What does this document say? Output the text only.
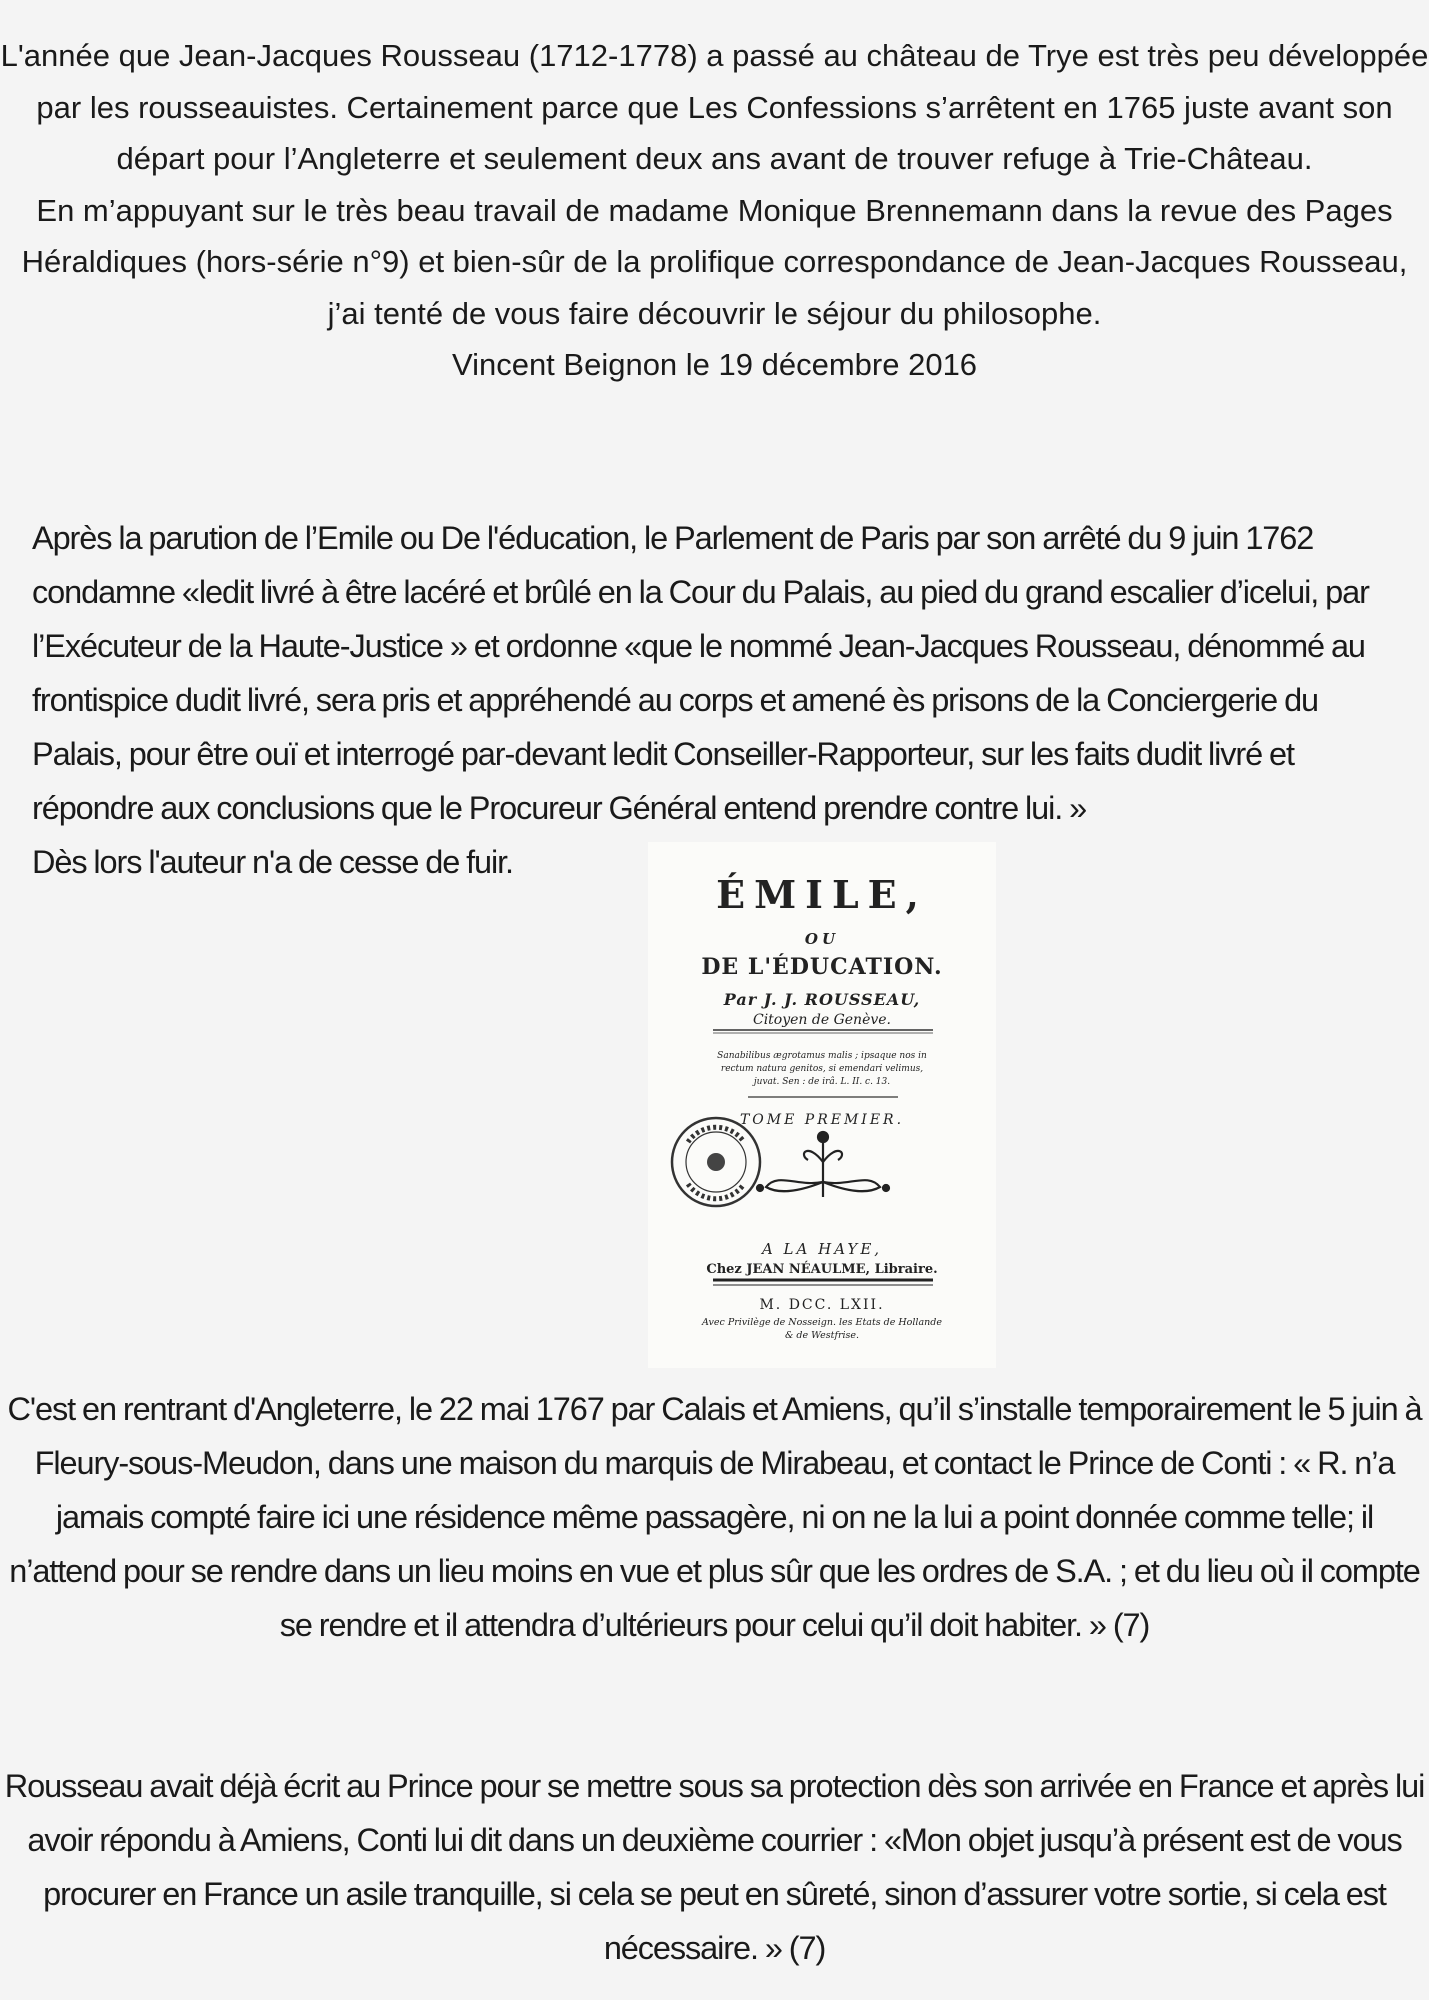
L'année que Jean-Jacques Rousseau (1712-1778) a passé au château de Trye est très peu développée par les rousseauistes. Certainement parce que Les Confessions s’arrêtent en 1765 juste avant son départ pour l’Angleterre et seulement deux ans avant de trouver refuge à Trie-Château.

En m’appuyant sur le très beau travail de madame Monique Brennemann dans la revue des Pages Héraldiques (hors-série n°9) et bien-sûr de la prolifique correspondance de Jean-Jacques Rousseau, j’ai tenté de vous faire découvrir le séjour du philosophe.

Vincent Beignon le 19 décembre 2016

Après la parution de l’Emile ou De l'éducation, le Parlement de Paris par son arrêté du 9 juin 1762 condamne «ledit livré à être lacéré et brûlé en la Cour du Palais, au pied du grand escalier d’icelui, par l’Exécuteur de la Haute-Justice » et ordonne «que le nommé Jean-Jacques Rousseau, dénommé au frontispice dudit livré, sera pris et appréhendé au corps et amené ès prisons de la Conciergerie du Palais, pour être ouï et interrogé par-devant ledit Conseiller-Rapporteur, sur les faits dudit livré et répondre aux conclusions que le Procureur Général entend prendre contre lui. »

Dès lors l'auteur n'a de cesse de fuir.

ÉMILE,
OU
DE L'ÉDUCATION.
Par J. J. ROUSSEAU,
Citoyen de Genève.
Sanabilibus ægrotamus malis ; ipsaque nos in rectum natura genitos, si emendari velimus, juvat. Sen : de irâ. L. II. c. 13.
TOME PREMIER.
A LA HAYE,
Chez JEAN NÉAULME, Libraire.
M. DCC. LXII.
Avec Privilège de Nosseign. les Etats de Hollande & de Westfrise.

C'est en rentrant d'Angleterre, le 22 mai 1767 par Calais et Amiens, qu’il s’installe temporairement le 5 juin à Fleury-sous-Meudon, dans une maison du marquis de Mirabeau, et contact le Prince de Conti : « R. n’a jamais compté faire ici une résidence même passagère, ni on ne la lui a point donnée comme telle; il n’attend pour se rendre dans un lieu moins en vue et plus sûr que les ordres de S.A. ; et du lieu où il compte se rendre et il attendra d’ultérieurs pour celui qu’il doit habiter. » (7)

Rousseau avait déjà écrit au Prince pour se mettre sous sa protection dès son arrivée en France et après lui avoir répondu à Amiens, Conti lui dit dans un deuxième courrier : «Mon objet jusqu’à présent est de vous procurer en France un asile tranquille, si cela se peut en sûreté, sinon d’assurer votre sortie, si cela est nécessaire. » (7)
